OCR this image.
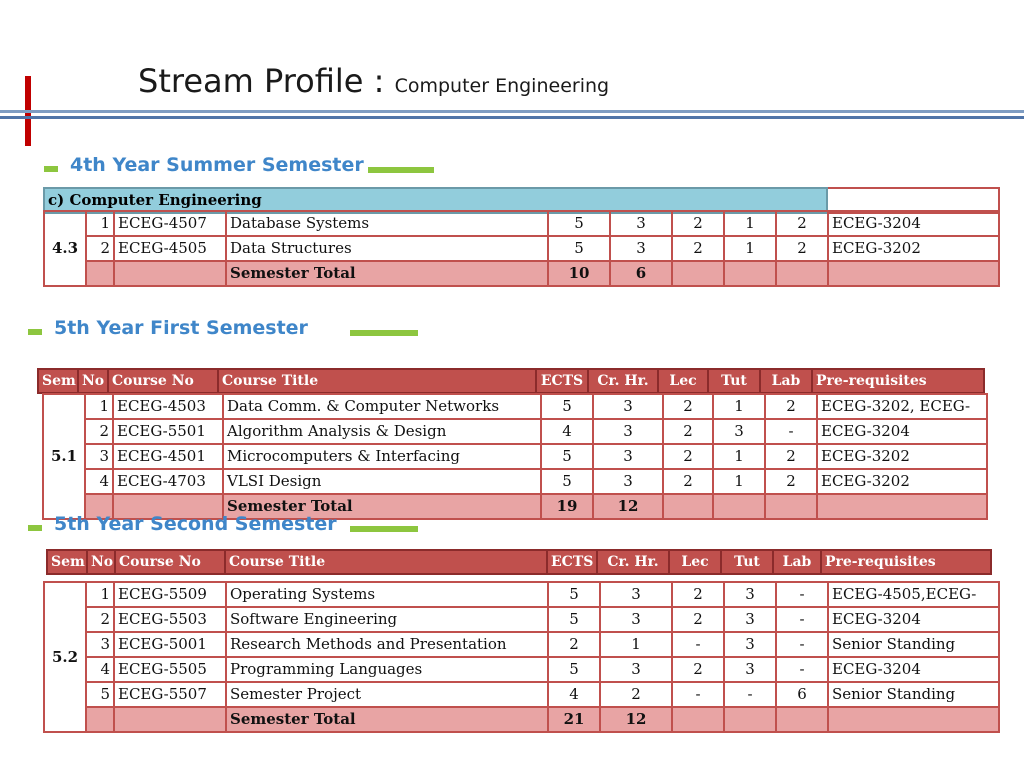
Stream Profile : Computer Engineering
4th Year Summer Semester
c) Computer Engineering	
4.3	1	ECEG-4507	Database Systems	5	3	2	1	2	ECEG-3204
	2	ECEG-4505	Data Structures	5	3	2	1	2	ECEG-3202
			Semester Total	10	6				
5th Year First Semester
Sem	No	Course No	Course Title	ECTS	Cr. Hr.	Lec	Tut	Lab	Pre-requisites
5.1	1	ECEG-4503	Data Comm. & Computer Networks	5	3	2	1	2	ECEG-3202, ECEG-
	2	ECEG-5501	Algorithm Analysis & Design	4	3	2	3	-	ECEG-3204
	3	ECEG-4501	Microcomputers & Interfacing	5	3	2	1	2	ECEG-3202
	4	ECEG-4703	VLSI Design	5	3	2	1	2	ECEG-3202
			Semester Total	19	12				
5th Year Second Semester
Sem	No	Course No	Course Title	ECTS	Cr. Hr.	Lec	Tut	Lab	Pre-requisites
5.2	1	ECEG-5509	Operating Systems	5	3	2	3	-	ECEG-4505,ECEG-
	2	ECEG-5503	Software Engineering	5	3	2	3	-	ECEG-3204
	3	ECEG-5001	Research Methods and Presentation	2	1	-	3	-	Senior Standing
	4	ECEG-5505	Programming Languages	5	3	2	3	-	ECEG-3204
	5	ECEG-5507	Semester Project	4	2	-	-	6	Senior Standing
			Semester Total	21	12				
